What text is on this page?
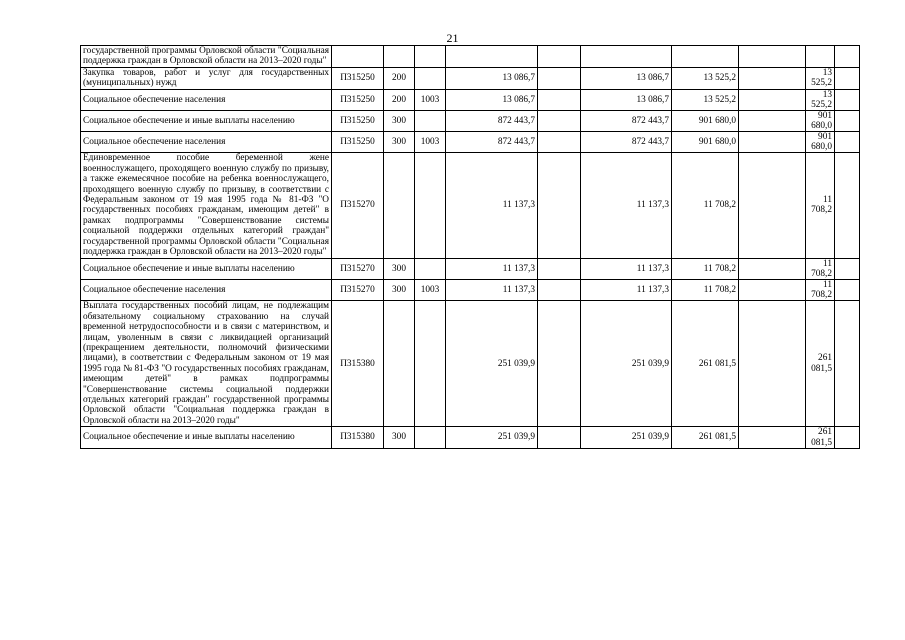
21
государственной программы Орловской области "Социальная поддержка граждан в Орловской области на 2013–2020 годы"										
Закупка товаров, работ и услуг для государственных (муниципальных) нужд	П315250	200		13 086,7		13 086,7	13 525,2		13 525,2	
Социальное обеспечение населения	П315250	200	1003	13 086,7		13 086,7	13 525,2		13 525,2	
Социальное обеспечение и иные выплаты населению	П315250	300		872 443,7		872 443,7	901 680,0		901 680,0	
Социальное обеспечение населения	П315250	300	1003	872 443,7		872 443,7	901 680,0		901 680,0	
Единовременное пособие беременной жене военнослужащего, проходящего военную службу по призыву, а также ежемесячное пособие на ребенка военнослужащего, проходящего военную службу по призыву, в соответствии с Федеральным законом от 19 мая 1995 года № 81-ФЗ "О государственных пособиях гражданам, имеющим детей" в рамках подпрограммы "Совершенствование системы социальной поддержки отдельных категорий граждан" государственной программы Орловской области "Социальная поддержка граждан в Орловской области на 2013–2020 годы"	П315270			11 137,3		11 137,3	11 708,2		11 708,2	
Социальное обеспечение и иные выплаты населению	П315270	300		11 137,3		11 137,3	11 708,2		11 708,2	
Социальное обеспечение населения	П315270	300	1003	11 137,3		11 137,3	11 708,2		11 708,2	
Выплата государственных пособий лицам, не подлежащим обязательному социальному страхованию на случай временной нетрудоспособности и в связи с материнством, и лицам, уволенным в связи с ликвидацией организаций (прекращением деятельности, полномочий физическими лицами), в соответствии с Федеральным законом от 19 мая 1995 года № 81-ФЗ "О государственных пособиях гражданам, имеющим детей" в рамках подпрограммы "Совершенствование системы социальной поддержки отдельных категорий граждан" государственной программы Орловской области "Социальная поддержка граждан в Орловской области на 2013–2020 годы"	П315380			251 039,9		251 039,9	261 081,5		261 081,5	
Социальное обеспечение и иные выплаты населению	П315380	300		251 039,9		251 039,9	261 081,5		261 081,5	
